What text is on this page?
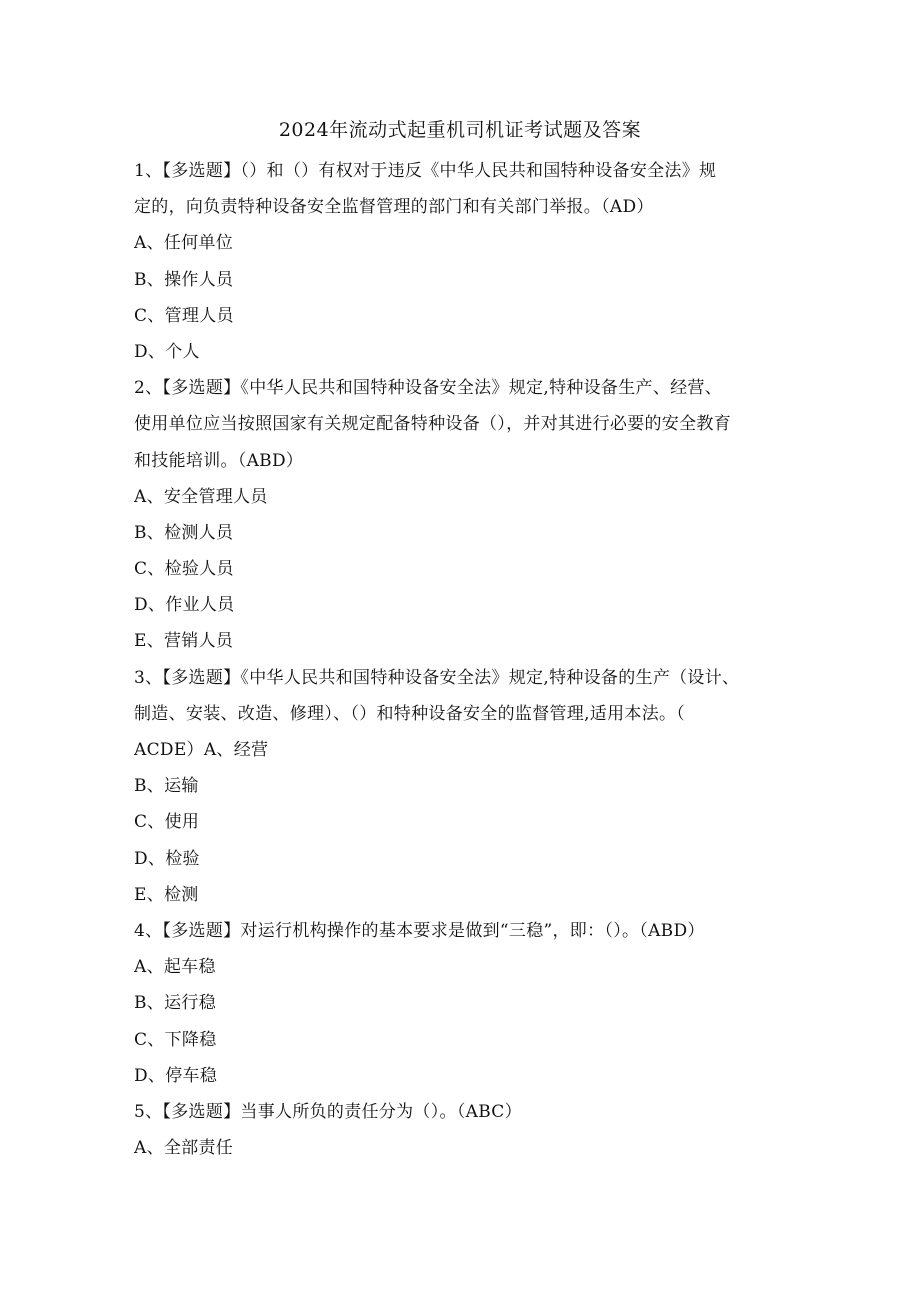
2024年流动式起重机司机证考试题及答案
1、【多选题】（）和（）有权对于违反《中华人民共和国特种设备安全法》规
定的，向负责特种设备安全监督管理的部门和有关部门举报。（AD）
A、任何单位
B、操作人员
C、管理人员
D、个人
2、【多选题】《中华人民共和国特种设备安全法》规定,特种设备生产、经营、
使用单位应当按照国家有关规定配备特种设备（），并对其进行必要的安全教育
和技能培训。（ABD）
A、安全管理人员
B、检测人员
C、检验人员
D、作业人员
E、营销人员
3、【多选题】《中华人民共和国特种设备安全法》规定,特种设备的生产（设计、
制造、安装、改造、修理）、（）和特种设备安全的监督管理,适用本法。（
ACDE）A、经营
B、运输
C、使用
D、检验
E、检测
4、【多选题】对运行机构操作的基本要求是做到“三稳”，即：（）。（ABD）
A、起车稳
B、运行稳
C、下降稳
D、停车稳
5、【多选题】当事人所负的责任分为（）。（ABC）
A、全部责任
